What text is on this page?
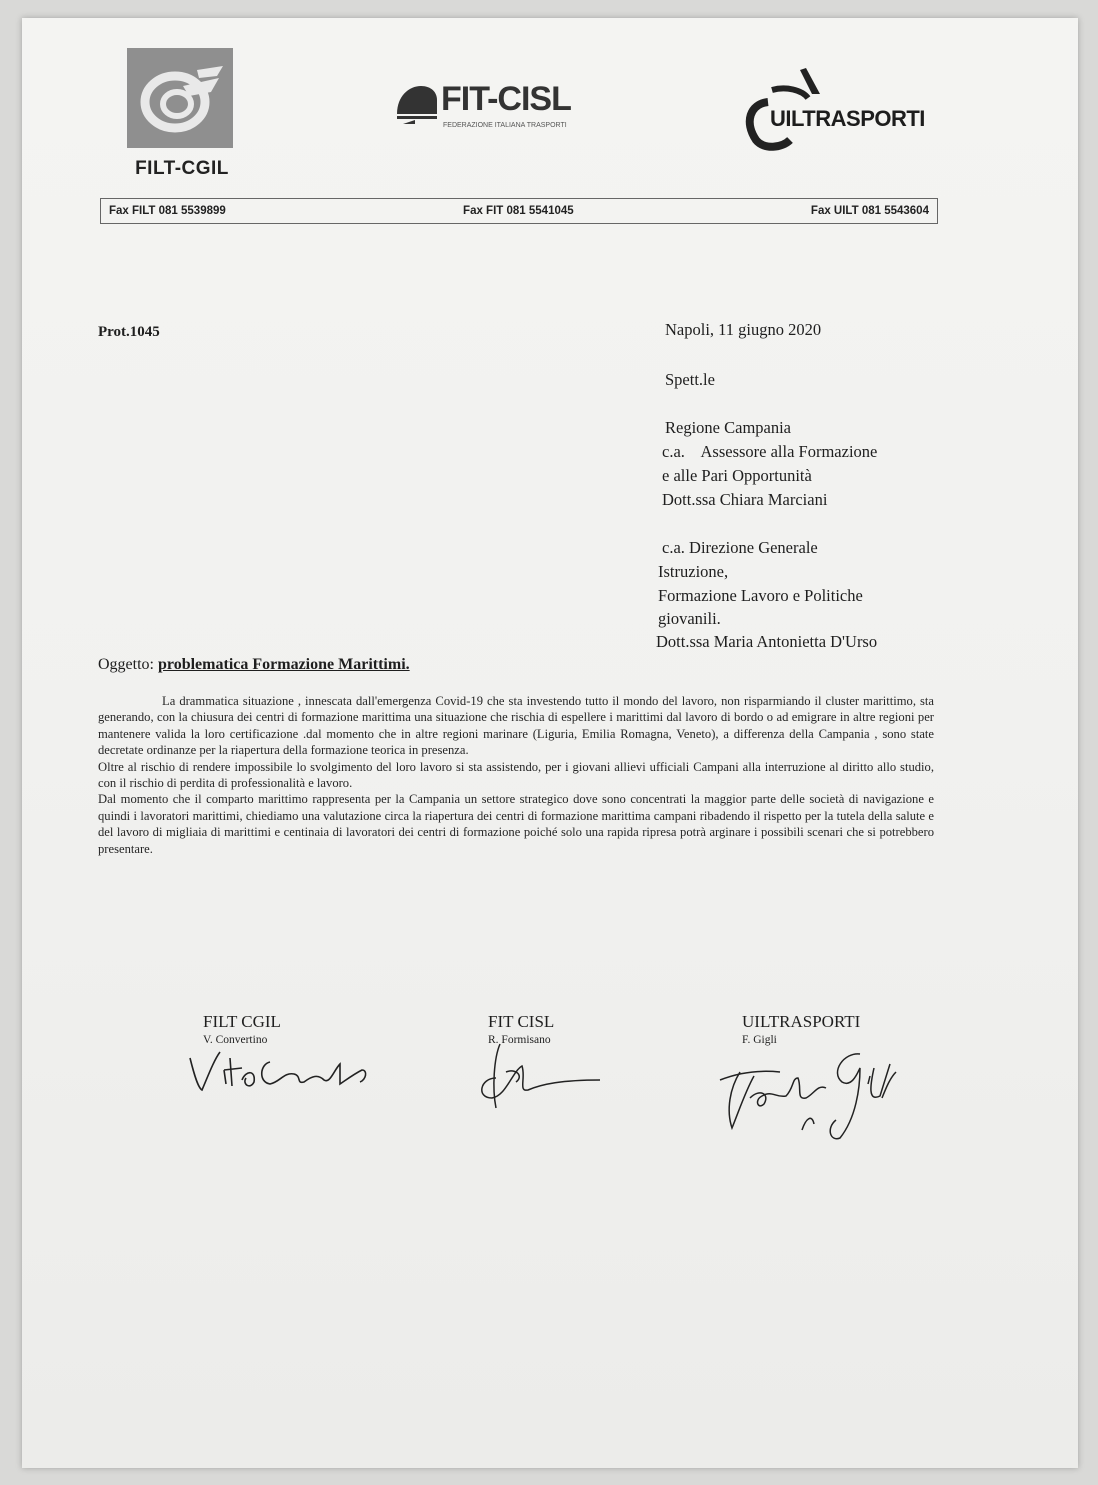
FILT-CGIL
FIT-CISL
FEDERAZIONE ITALIANA TRASPORTI	UILTRASPORTI
Fax FILT 081 5539899	Fax FIT 081 5541045	Fax UILT 081 5543604
Prot.1045	Napoli, 11 giugno 2020
Spett.le
Regione Campania
c.a.    Assessore alla Formazione
e alle Pari Opportunità
Dott.ssa Chiara Marciani
c.a. Direzione Generale
Istruzione,
Formazione Lavoro e Politiche
giovanili.
Dott.ssa Maria Antonietta D'Urso
Oggetto: problematica Formazione Marittimi.

La drammatica situazione , innescata dall'emergenza Covid-19 che sta investendo tutto il mondo del lavoro, non risparmiando il cluster marittimo, sta generando, con la chiusura dei centri di formazione marittima una situazione che rischia di espellere i marittimi dal lavoro di bordo o ad emigrare in altre regioni per mantenere valida la loro certificazione .dal momento che in altre regioni marinare (Liguria, Emilia Romagna, Veneto), a differenza della Campania , sono state decretate ordinanze per la riapertura della formazione teorica in presenza.

Oltre al rischio di rendere impossibile lo svolgimento del loro lavoro si sta assistendo, per i giovani allievi ufficiali Campani alla interruzione al diritto allo studio, con il rischio di perdita di professionalità e lavoro.

Dal momento che il comparto marittimo rappresenta per la Campania un settore strategico dove sono concentrati la maggior parte delle società di navigazione e quindi i lavoratori marittimi, chiediamo una valutazione circa la riapertura dei centri di formazione marittima campani ribadendo il rispetto per la tutela della salute e del lavoro di migliaia di marittimi e centinaia di lavoratori dei centri di formazione poiché solo una rapida ripresa potrà arginare i possibili scenari che si potrebbero presentare.

FILT CGIL
V. Convertino
FIT CISL
R. Formisano
UILTRASPORTI
F. Gigli
